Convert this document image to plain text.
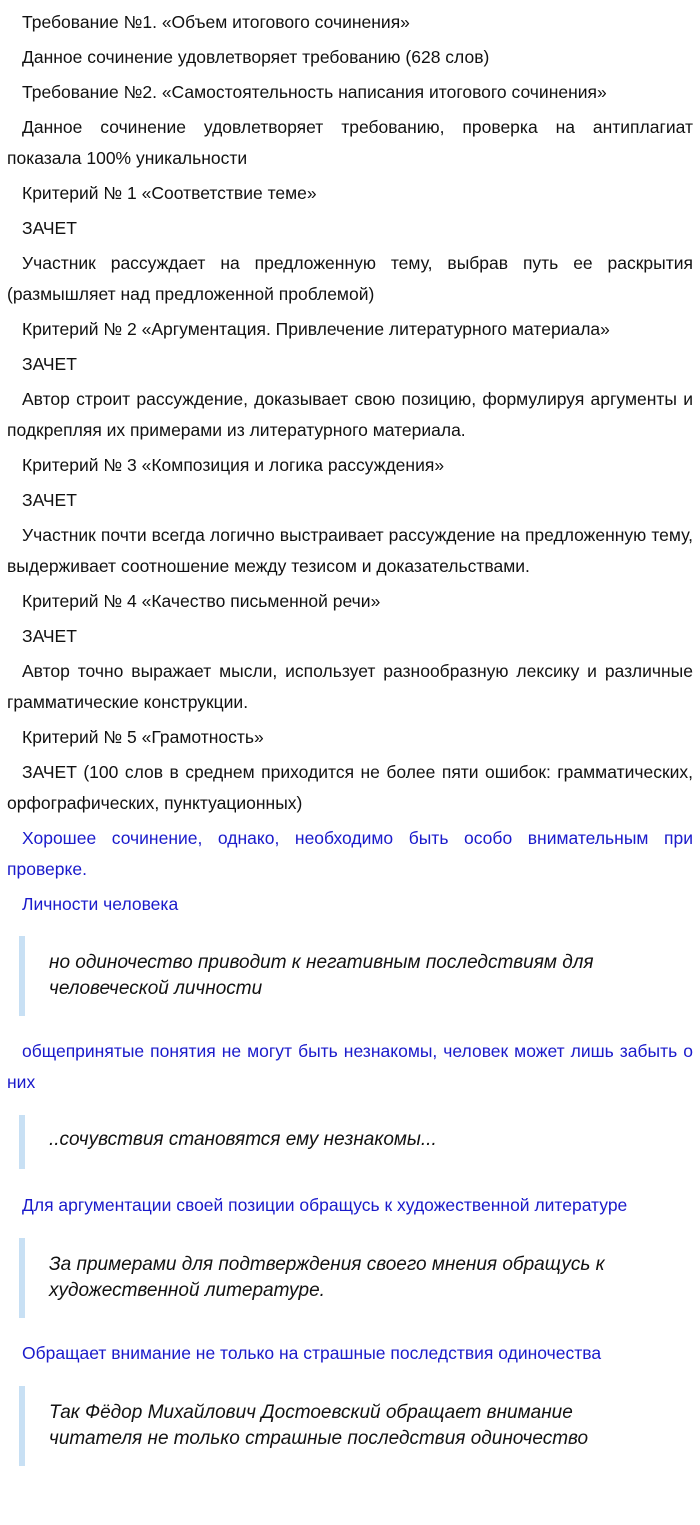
Требование №1. «Объем итогового сочинения»

Данное сочинение удовлетворяет требованию (628 слов)

Требование №2. «Самостоятельность написания итогового сочинения»

Данное сочинение удовлетворяет требованию, проверка на антиплагиат показала 100% уникальности

Критерий № 1 «Соответствие теме»

ЗАЧЕТ

Участник рассуждает на предложенную тему, выбрав путь ее раскрытия (размышляет над предложенной проблемой)

Критерий № 2 «Аргументация. Привлечение литературного материала»

ЗАЧЕТ

Автор строит рассуждение, доказывает свою позицию, формулируя аргументы и подкрепляя их примерами из литературного материала.

Критерий № 3 «Композиция и логика рассуждения»

ЗАЧЕТ

Участник почти всегда логично выстраивает рассуждение на предложенную тему, выдерживает соотношение между тезисом и доказательствами.

Критерий № 4 «Качество письменной речи»

ЗАЧЕТ

Автор точно выражает мысли, использует разнообразную лексику и различные грамматические конструкции.

Критерий № 5 «Грамотность»

ЗАЧЕТ (100 слов в среднем приходится не более пяти ошибок: грамматических, орфографических, пунктуационных)

Хорошее сочинение, однако, необходимо быть особо внимательным при проверке.

Личности человека

но одиночество приводит к негативным последствиям для человеческой личности

общепринятые понятия не могут быть незнакомы, человек может лишь забыть о них

..сочувствия становятся ему незнакомы...

Для аргументации своей позиции обращусь к художественной литературе

За примерами для подтверждения своего мнения обращусь к художественной литературе.

Обращает внимание не только на страшные последствия одиночества

Так Фёдор Михайлович Достоевский обращает внимание читателя не только страшные последствия одиночество
